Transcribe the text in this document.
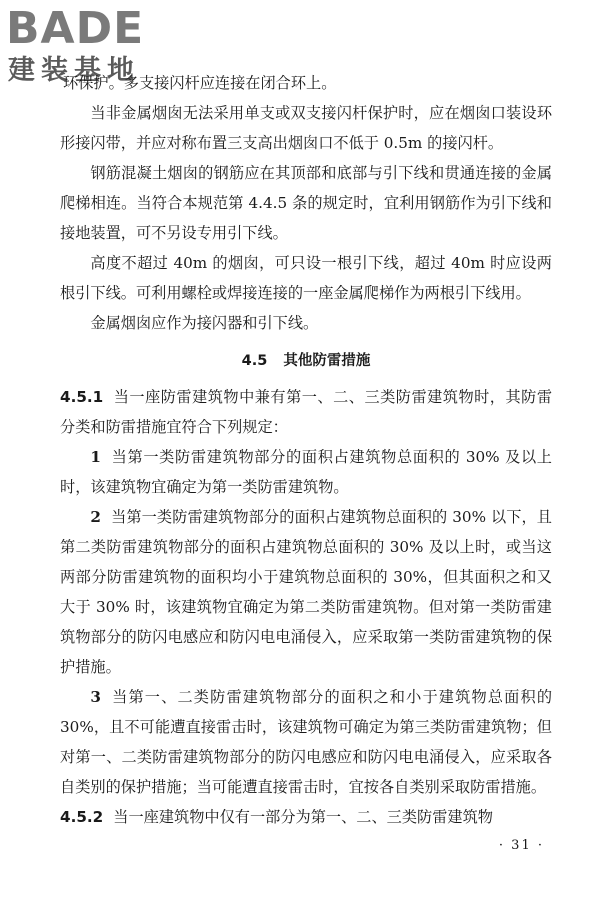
BADE
建装基地

环保护。多支接闪杆应连接在闭合环上。

当非金属烟囱无法采用单支或双支接闪杆保护时，应在烟囱口装设环形接闪带，并应对称布置三支高出烟囱口不低于 0.5m 的接闪杆。

钢筋混凝土烟囱的钢筋应在其顶部和底部与引下线和贯通连接的金属爬梯相连。当符合本规范第 4.4.5 条的规定时，宜利用钢筋作为引下线和接地装置，可不另设专用引下线。

高度不超过 40m 的烟囱，可只设一根引下线，超过 40m 时应设两根引下线。可利用螺栓或焊接连接的一座金属爬梯作为两根引下线用。

金属烟囱应作为接闪器和引下线。

4.5 其他防雷措施

4.5.1 当一座防雷建筑物中兼有第一、二、三类防雷建筑物时，其防雷分类和防雷措施宜符合下列规定：

1 当第一类防雷建筑物部分的面积占建筑物总面积的 30% 及以上时，该建筑物宜确定为第一类防雷建筑物。

2 当第一类防雷建筑物部分的面积占建筑物总面积的 30% 以下，且第二类防雷建筑物部分的面积占建筑物总面积的 30% 及以上时，或当这两部分防雷建筑物的面积均小于建筑物总面积的 30%，但其面积之和又大于 30% 时，该建筑物宜确定为第二类防雷建筑物。但对第一类防雷建筑物部分的防闪电感应和防闪电电涌侵入，应采取第一类防雷建筑物的保护措施。

3 当第一、二类防雷建筑物部分的面积之和小于建筑物总面积的 30%，且不可能遭直接雷击时，该建筑物可确定为第三类防雷建筑物；但对第一、二类防雷建筑物部分的防闪电感应和防闪电电涌侵入，应采取各自类别的保护措施；当可能遭直接雷击时，宜按各自类别采取防雷措施。

4.5.2 当一座建筑物中仅有一部分为第一、二、三类防雷建筑物

· 31 ·
